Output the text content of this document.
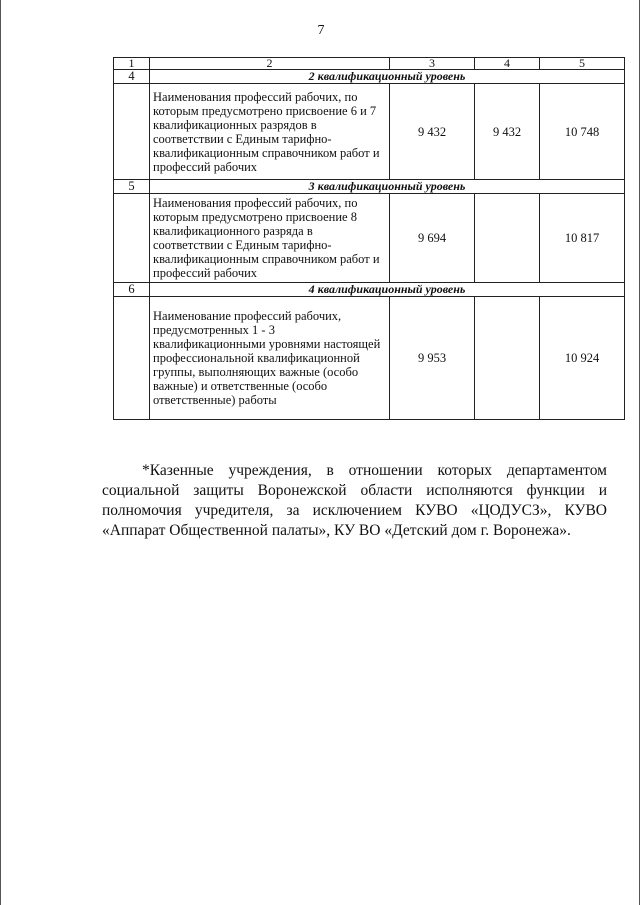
7
1	2	3	4	5
4	2 квалификационный уровень			
	Наименования профессий рабочих, по которым предусмотрено присвоение 6 и 7 квалификационных разрядов в соответствии с Единым тарифно-квалификационным справочником работ и профессий рабочих	9 432	9 432	10 748
5	3 квалификационный уровень			
	Наименования профессий рабочих, по которым предусмотрено присвоение 8 квалификационного разряда в соответствии с Единым тарифно-квалификационным справочником работ и профессий рабочих	9 694		10 817
6	4 квалификационный уровень			
	Наименование профессий рабочих, предусмотренных 1 - 3 квалификационными уровнями настоящей профессиональной квалификационной группы, выполняющих важные (особо важные) и ответственные (особо ответственные) работы	9 953		10 924

*Казенные учреждения, в отношении которых департаментом социальной защиты Воронежской области исполняются функции и полномочия учредителя, за исключением КУВО «ЦОДУСЗ», КУВО «Аппарат Общественной палаты», КУ ВО «Детский дом г. Воронежа».
